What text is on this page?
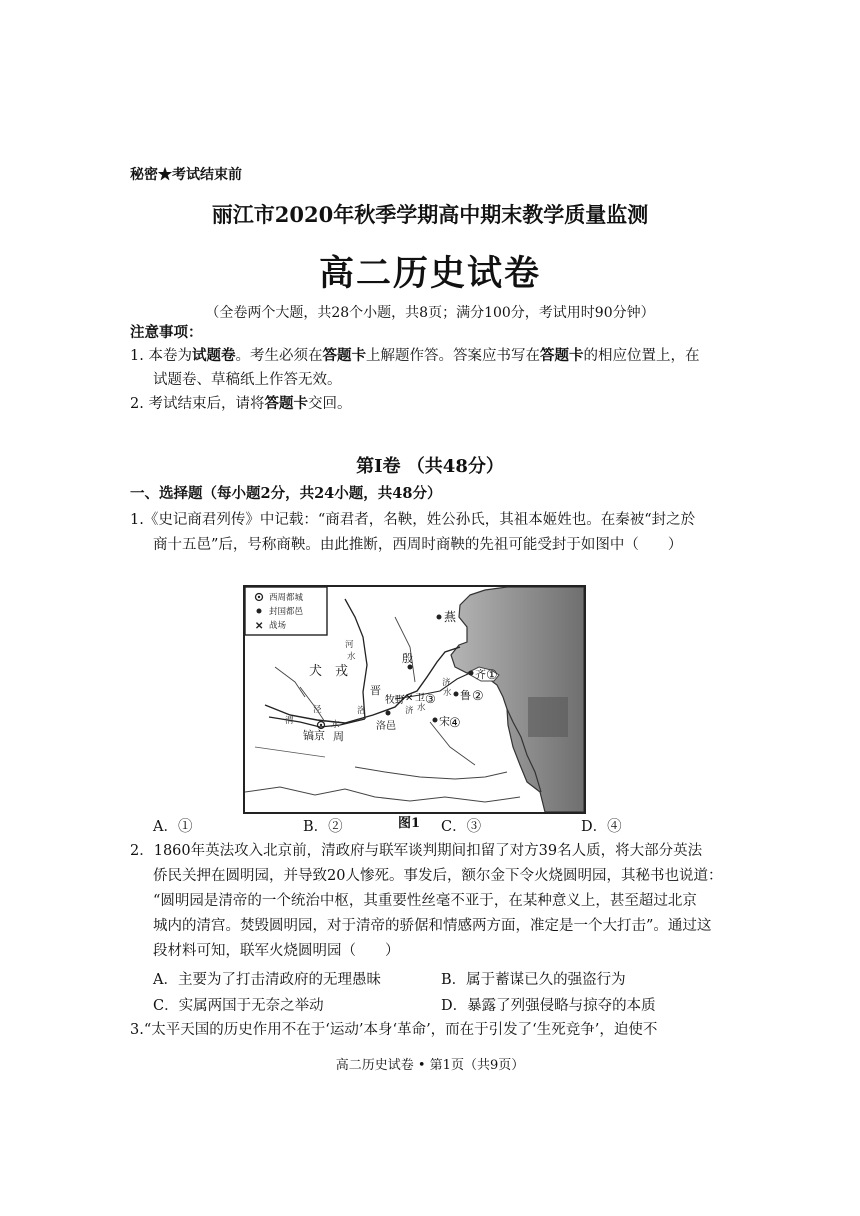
秘密★考试结束前
丽江市2020年秋季学期高中期末教学质量监测
高二历史试卷
（全卷两个大题，共28个小题，共8页；满分100分，考试用时90分钟）
注意事项：
1. 本卷为试题卷。考生必须在答题卡上解题作答。答案应书写在答题卡的相应位置上，在
试题卷、草稿纸上作答无效。
2. 考试结束后，请将答题卡交回。
第Ⅰ卷 （共48分）
一、选择题（每小题2分，共24小题，共48分）
1.《史记商君列传》中记载：“商君者，名鞅，姓公孙氏，其祖本姬姓也。在秦被“封之於
商十五邑”后，号称商鞅。由此推断，西周时商鞅的先祖可能受封于如图中（　　）
✕
西周都城
封国都邑
战场
燕
犬　戎
晋
殷
牧野 ✕ 卫 ③
齐 ①
鲁 ②
宋 ④
洛邑
镐京 周
泾
渭	水
河
水
济 水
济
水
洛
图1
A．①	B．②	C．③	D．④
2．1860年英法攻入北京前，清政府与联军谈判期间扣留了对方39名人质，将大部分英法
侨民关押在圆明园，并导致20人惨死。事发后，额尔金下令火烧圆明园，其秘书也说道：
“圆明园是清帝的一个统治中枢，其重要性丝毫不亚于，在某种意义上，甚至超过北京
城内的清宫。焚毁圆明园，对于清帝的骄倨和情感两方面，准定是一个大打击”。通过这
段材料可知，联军火烧圆明园（　　）
A．主要为了打击清政府的无理愚昧	B．属于蓄谋已久的强盗行为
C．实属两国于无奈之举动	D．暴露了列强侵略与掠夺的本质
3.“太平天国的历史作用不在于‘运动’本身‘革命’，而在于引发了‘生死竞争’，迫使不
高二历史试卷 • 第1页（共9页）
